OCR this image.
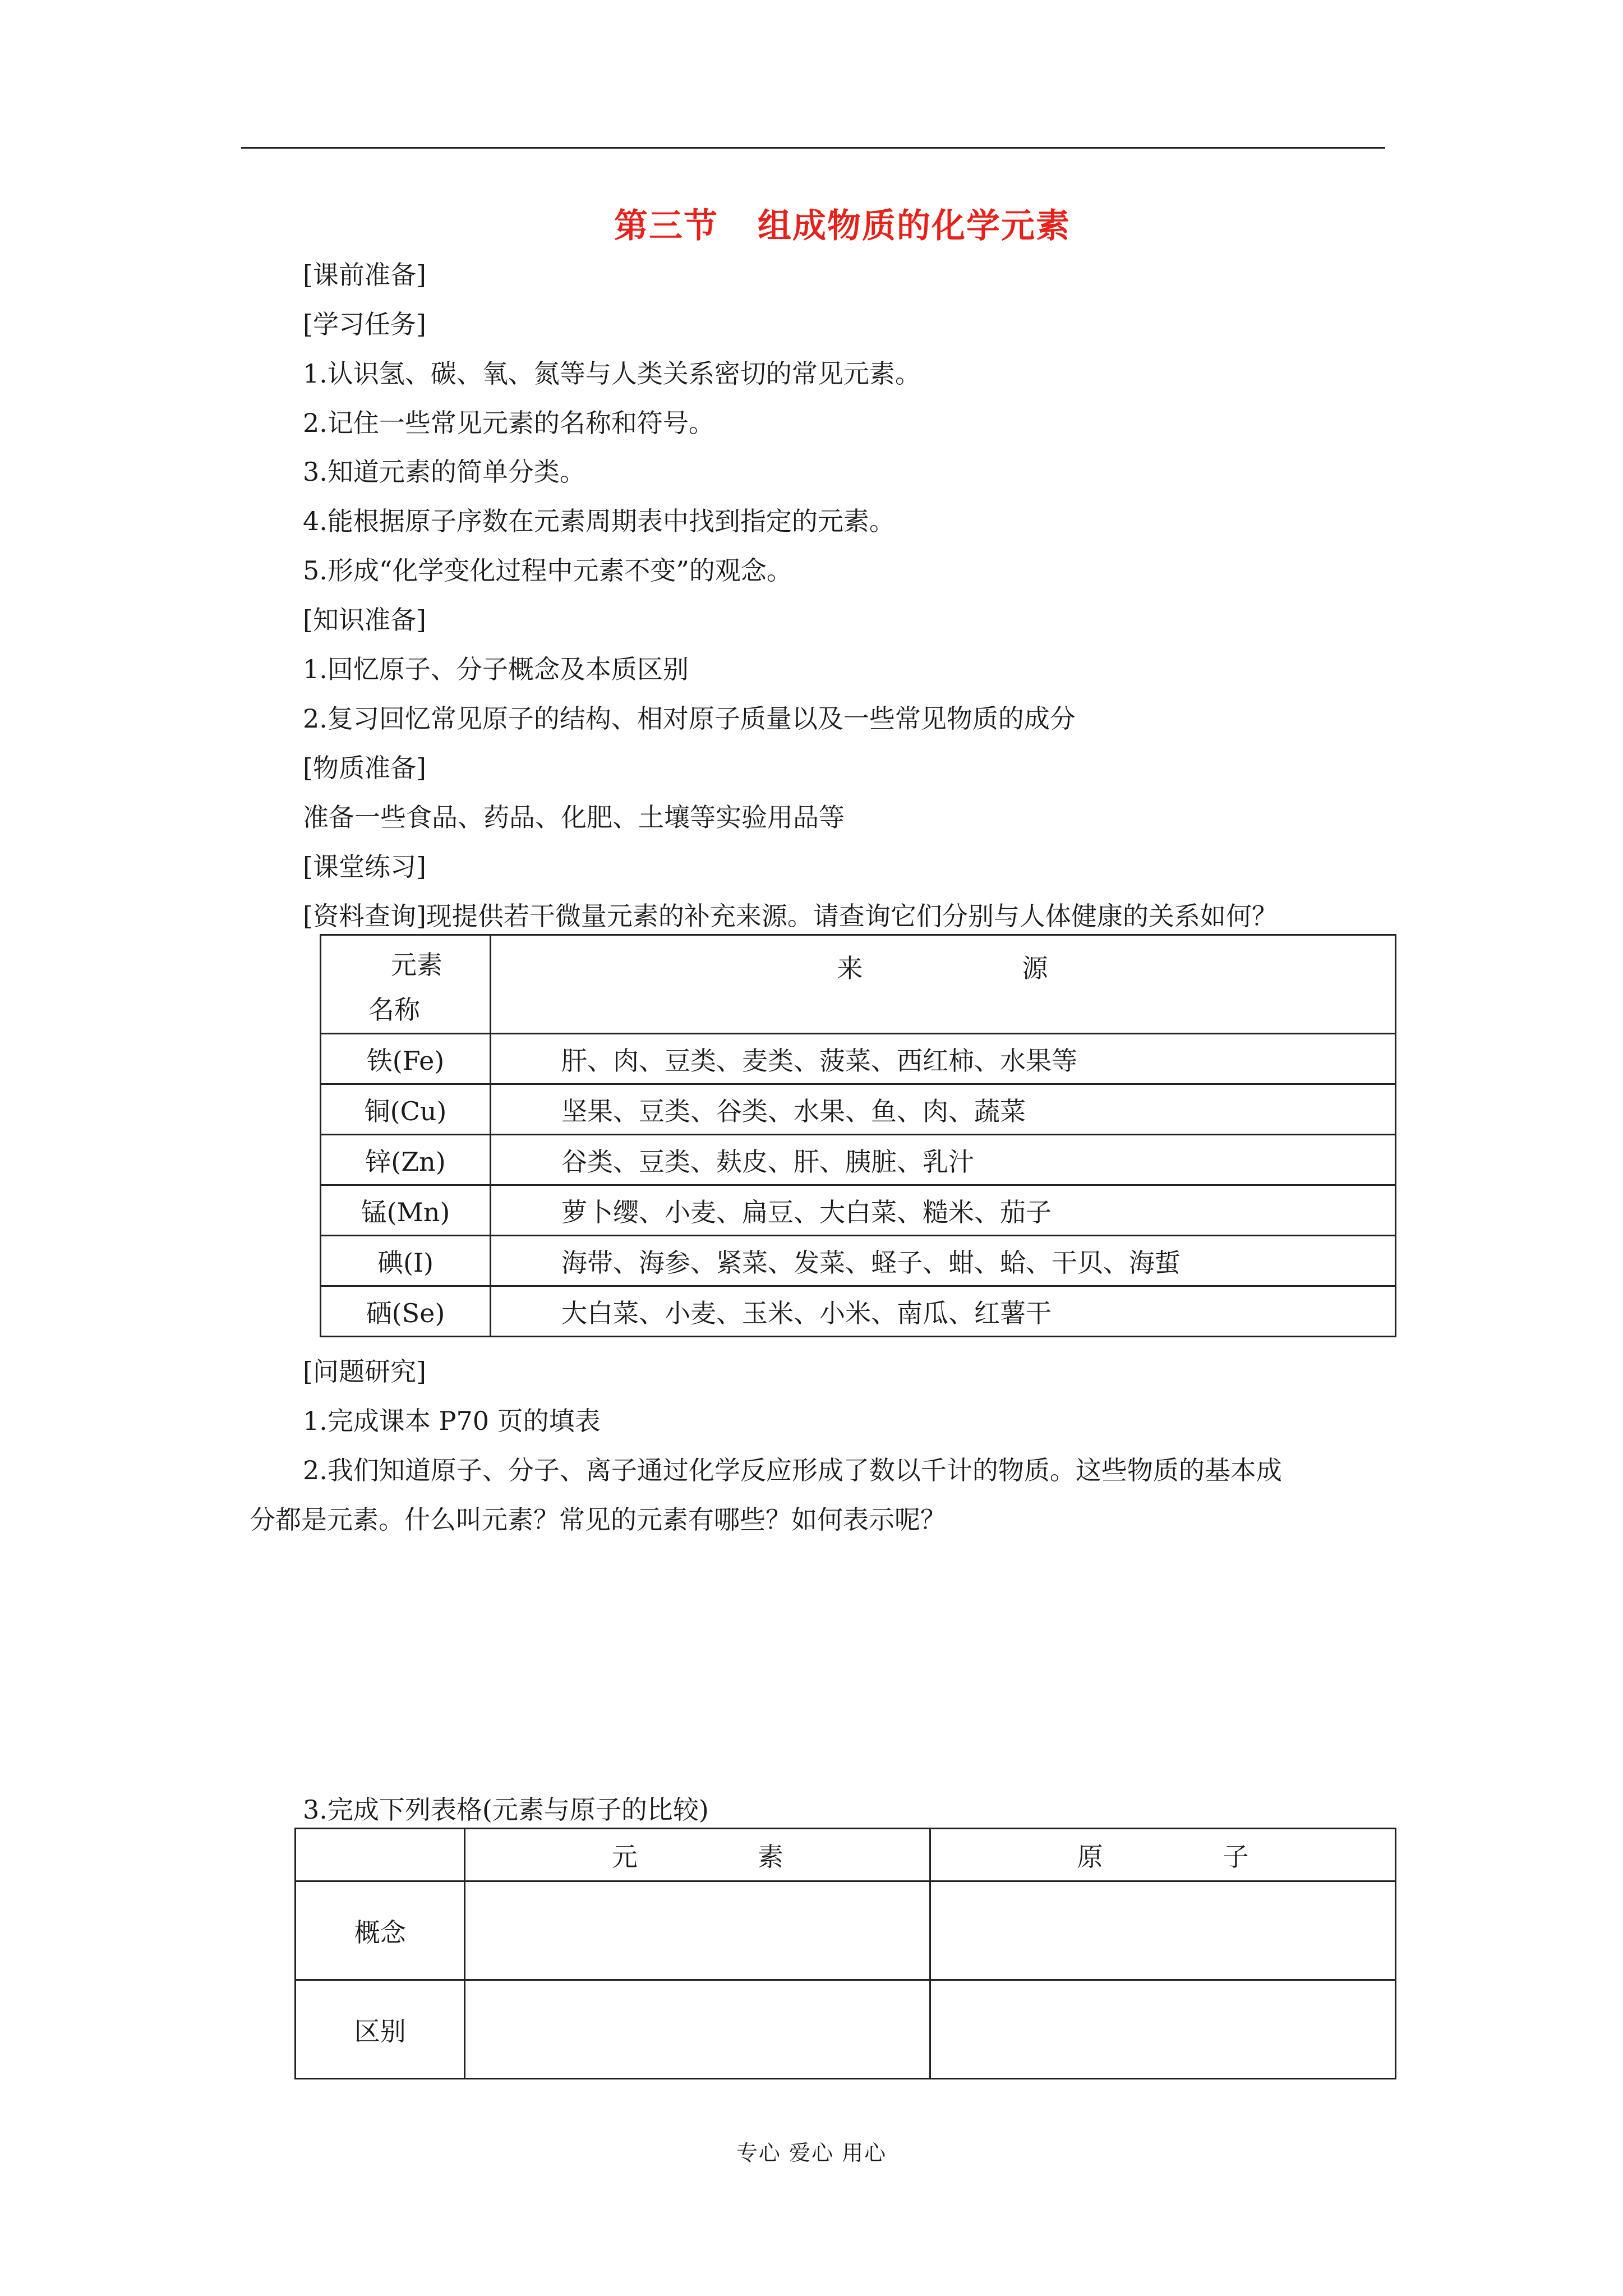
第三节 组成物质的化学元素
[课前准备]
[学习任务]
1.认识氢、碳、氧、氮等与人类关系密切的常见元素。
2.记住一些常见元素的名称和符号。
3.知道元素的简单分类。
4.能根据原子序数在元素周期表中找到指定的元素。
5.形成“化学变化过程中元素不变”的观念。
[知识准备]
1.回忆原子、分子概念及本质区别
2.复习回忆常见原子的结构、相对原子质量以及一些常见物质的成分
[物质准备]
准备一些食品、药品、化肥、土壤等实验用品等
[课堂练习]
[资料查询]现提供若干微量元素的补充来源。请查询它们分别与人体健康的关系如何？
元素
名称	来 源

铁(Fe)	肝、肉、豆类、麦类、菠菜、西红柿、水果等
铜(Cu)	坚果、豆类、谷类、水果、鱼、肉、蔬菜
锌(Zn)	谷类、豆类、麸皮、肝、胰脏、乳汁
锰(Mn)	萝卜缨、小麦、扁豆、大白菜、糙米、茄子
碘(I)	海带、海参、紧菜、发菜、蛏子、蚶、蛤、干贝、海蜇
硒(Se)	大白菜、小麦、玉米、小米、南瓜、红薯干
[问题研究]
1.完成课本 P70 页的填表
2.我们知道原子、分子、离子通过化学反应形成了数以千计的物质。这些物质的基本成
分都是元素。什么叫元素？常见的元素有哪些？如何表示呢？
3.完成下列表格(元素与原子的比较)
	元 素	原 子
概念		
区别		
专心 爱心 用心
